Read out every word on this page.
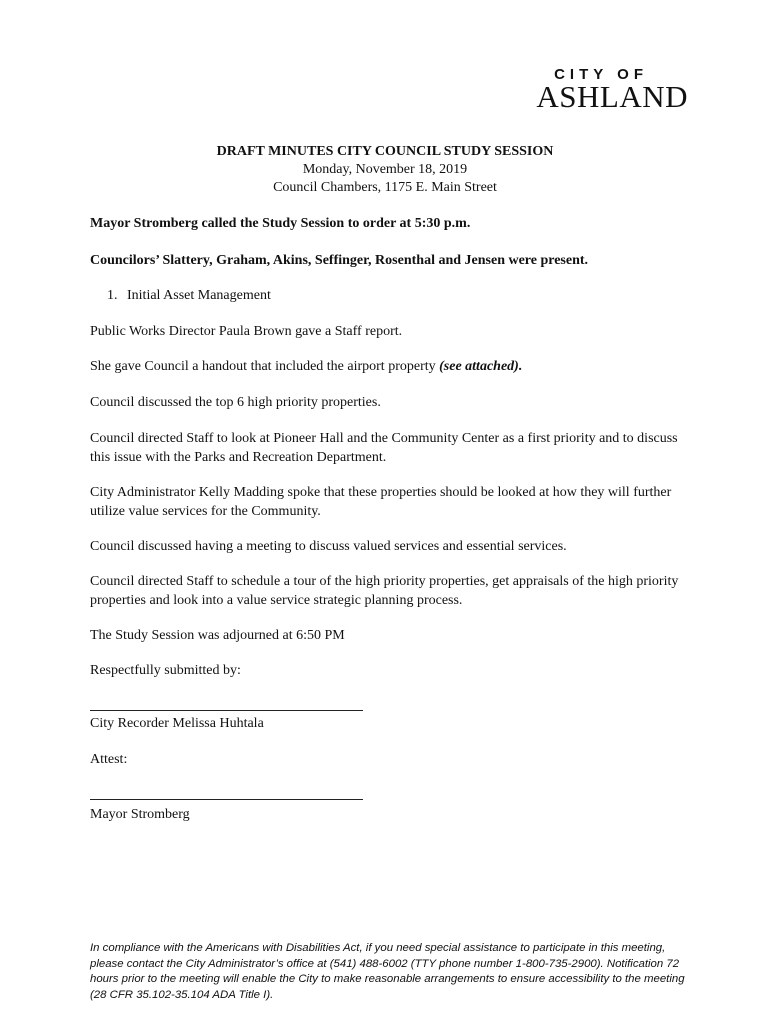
CITY OF
ASHLAND
DRAFT MINUTES CITY COUNCIL STUDY SESSION
Monday, November 18, 2019
Council Chambers, 1175 E. Main Street
Mayor Stromberg called the Study Session to order at 5:30 p.m.
Councilors’ Slattery, Graham, Akins, Seffinger, Rosenthal and Jensen were present.
1. Initial Asset Management
Public Works Director Paula Brown gave a Staff report.
She gave Council a handout that included the airport property (see attached).
Council discussed the top 6 high priority properties.
Council directed Staff to look at Pioneer Hall and the Community Center as a first priority and to discuss this issue with the Parks and Recreation Department.
City Administrator Kelly Madding spoke that these properties should be looked at how they will further utilize value services for the Community.
Council discussed having a meeting to discuss valued services and essential services.
Council directed Staff to schedule a tour of the high priority properties, get appraisals of the high priority properties and look into a value service strategic planning process.
The Study Session was adjourned at 6:50 PM
Respectfully submitted by:
City Recorder Melissa Huhtala
Attest:
Mayor Stromberg
In compliance with the Americans with Disabilities Act, if you need special assistance to participate in this meeting, please contact the City Administrator’s office at (541) 488-6002 (TTY phone number 1-800-735-2900). Notification 72 hours prior to the meeting will enable the City to make reasonable arrangements to ensure accessibility to the meeting (28 CFR 35.102-35.104 ADA Title I).
